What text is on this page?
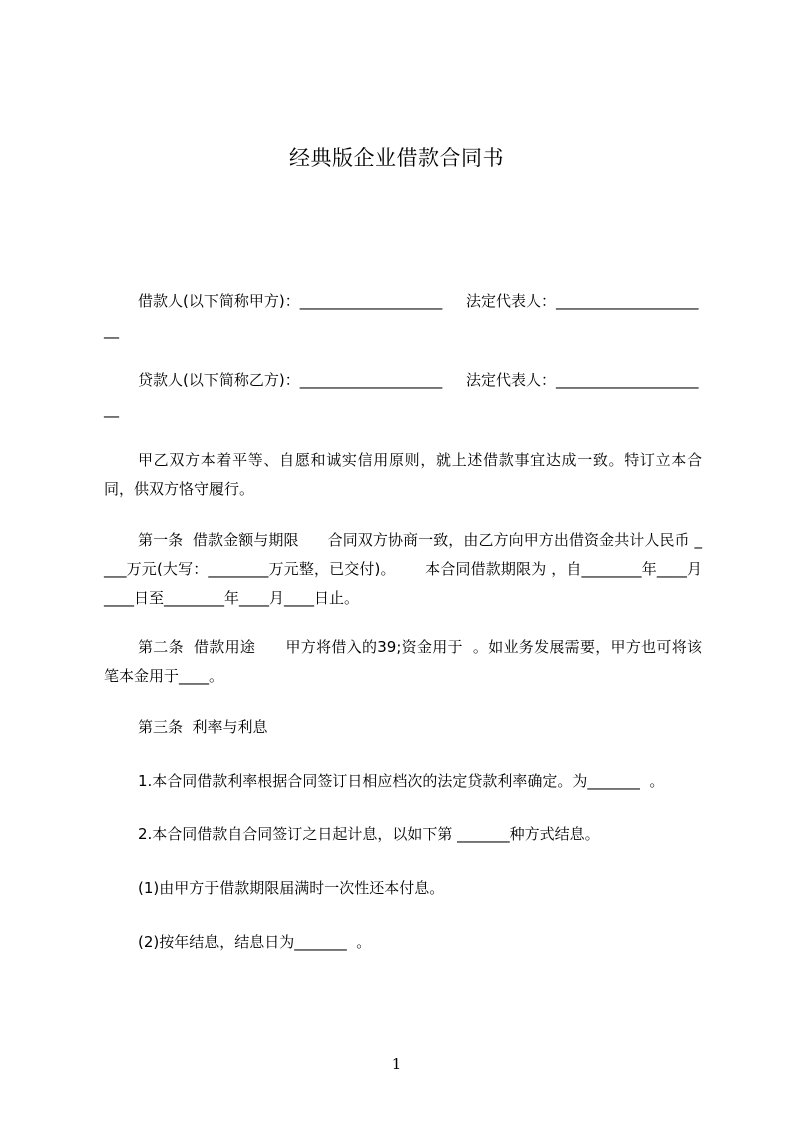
经典版企业借款合同书

借款人(以下简称甲方)：___________________     法定代表人：_____________________

贷款人(以下简称乙方)：___________________     法定代表人：_____________________

甲乙双方本着平等、自愿和诚实信用原则，就上述借款事宜达成一致。特订立本合同，供双方恪守履行。

第一条  借款金额与期限      合同双方协商一致，由乙方向甲方出借资金共计人民币 ____万元(大写：________万元整，已交付)。      本合同借款期限为 ，自________年____月____日至________年____月____日止。

第二条  借款用途      甲方将借入的39;资金用于  。如业务发展需要，甲方也可将该笔本金用于____。

第三条  利率与利息

1.本合同借款利率根据合同签订日相应档次的法定贷款利率确定。为_______  。

2.本合同借款自合同签订之日起计息，以如下第 _______种方式结息。

(1)由甲方于借款期限届满时一次性还本付息。

(2)按年结息，结息日为_______  。

1
